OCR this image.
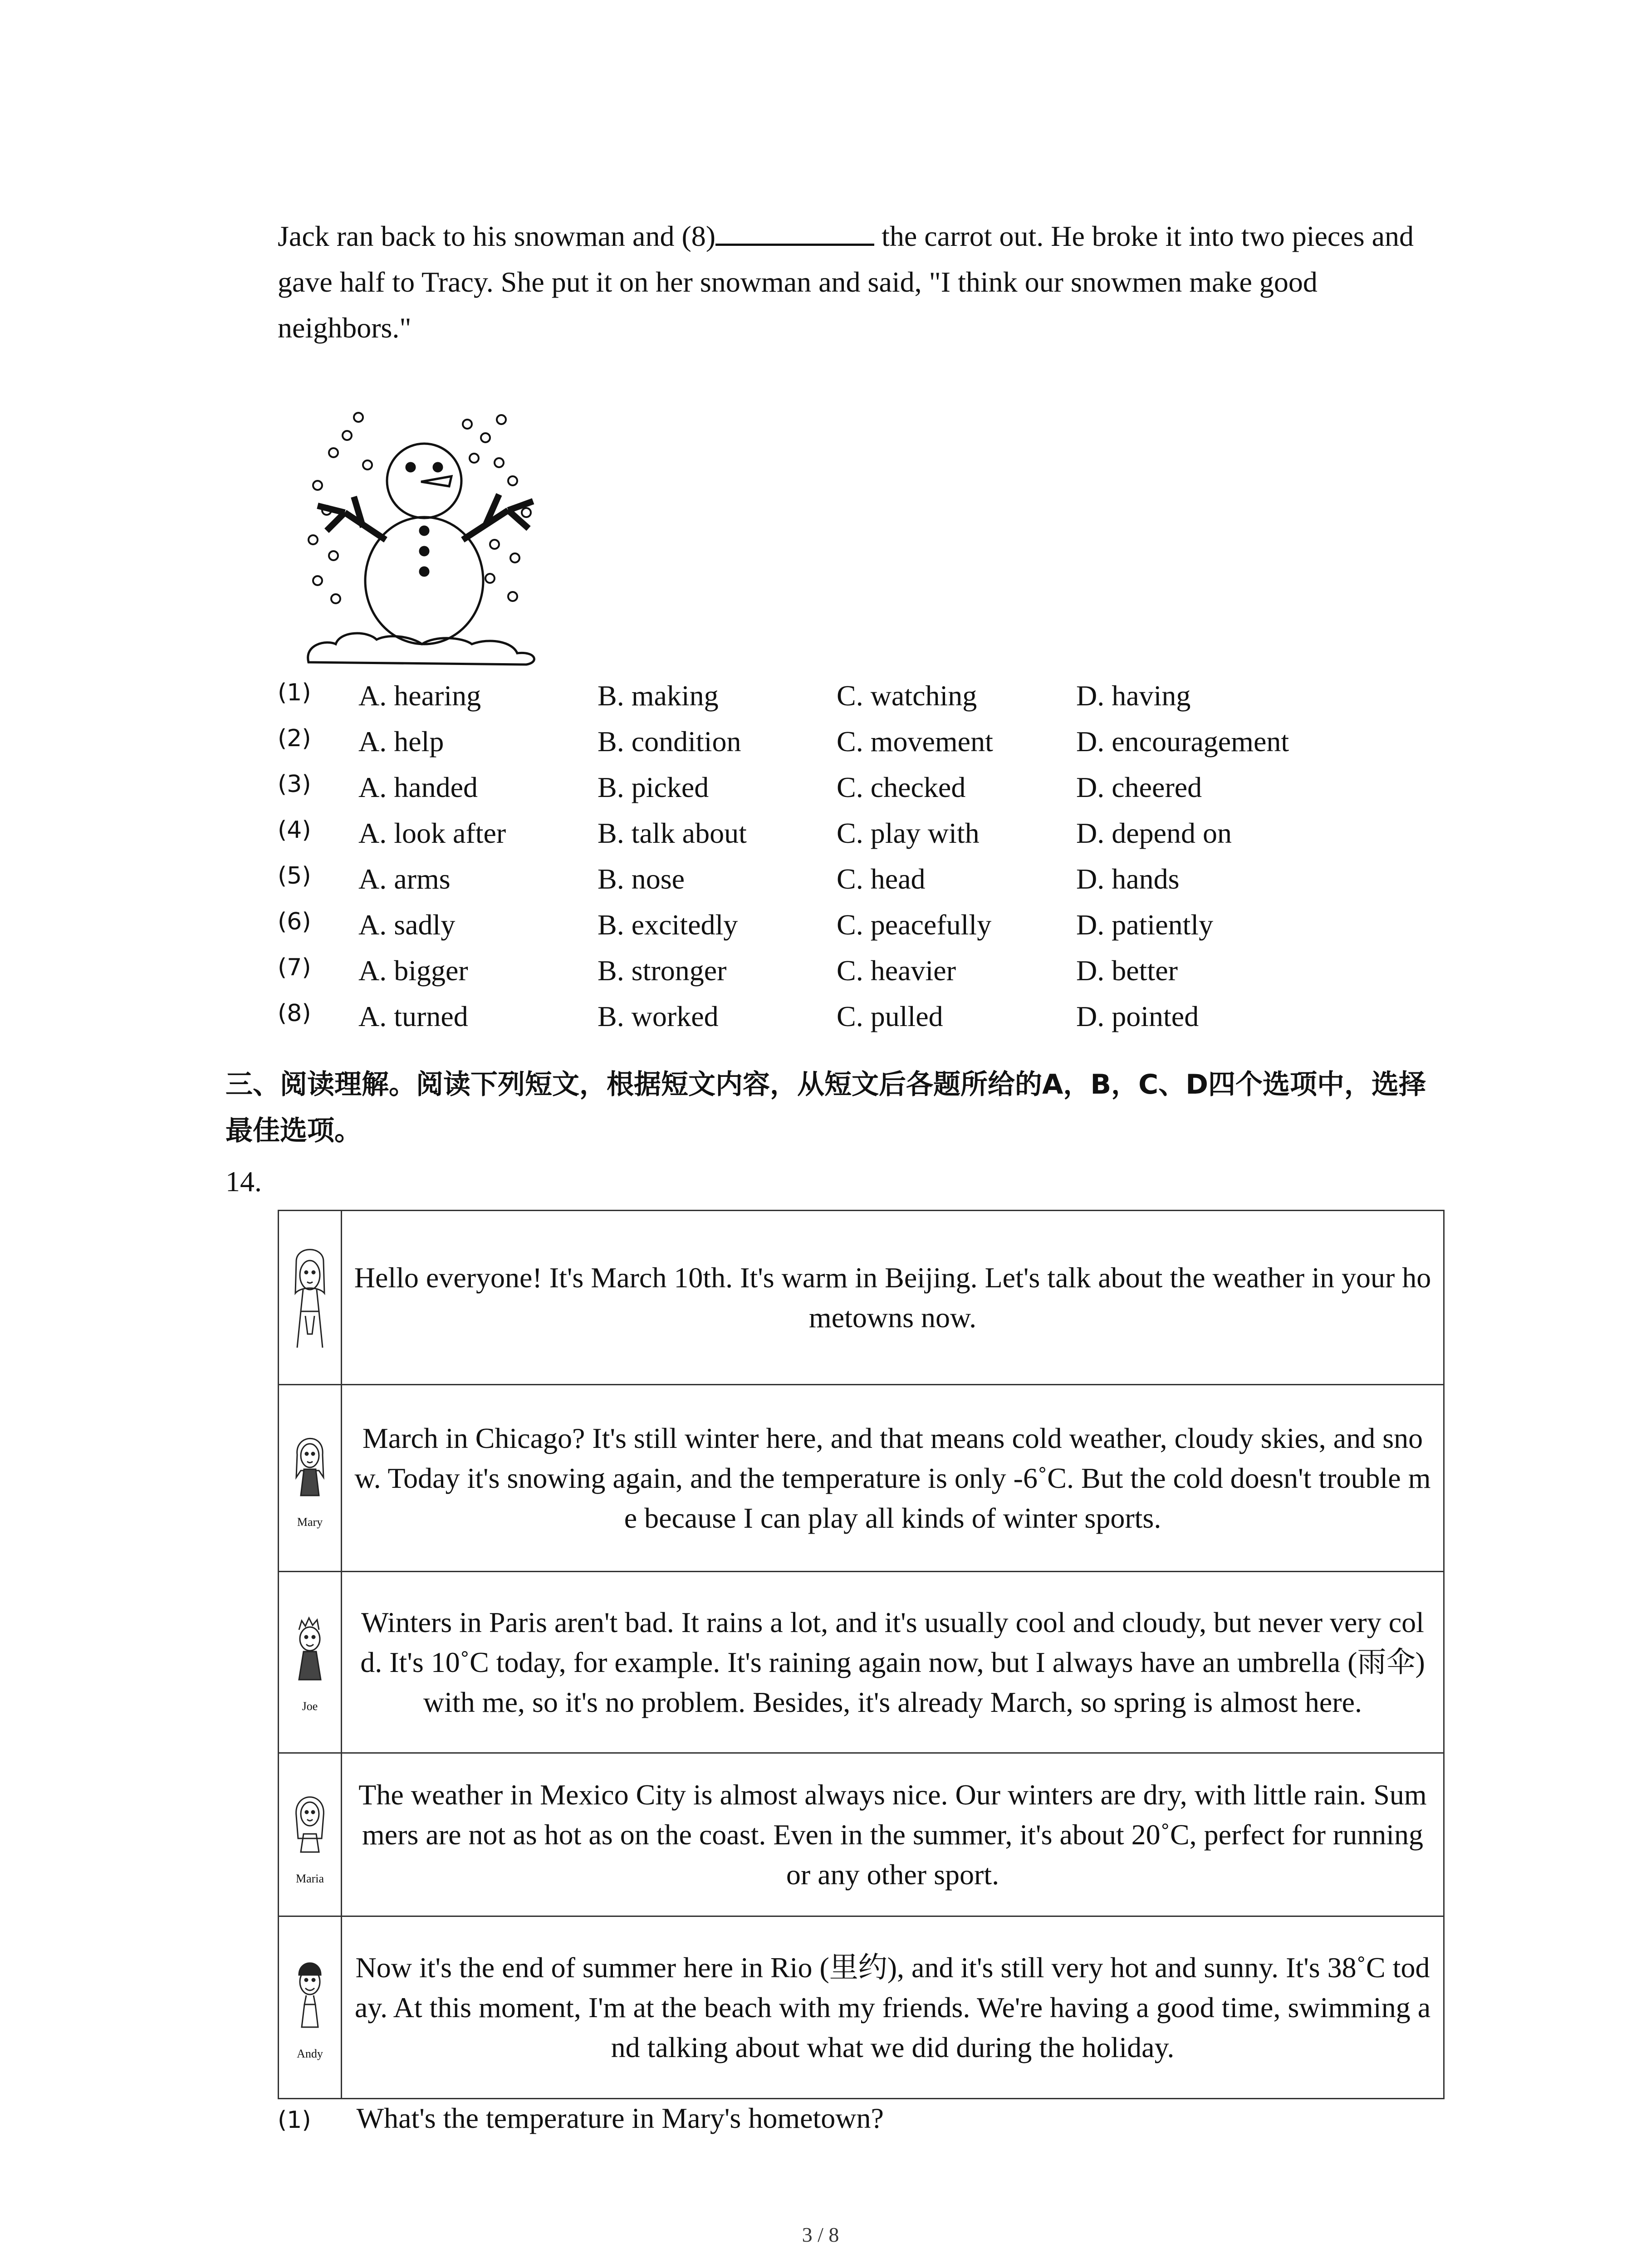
Jack ran back to his snowman and (8)	the carrot out. He broke it into two pieces and gave half to Tracy. She put it on her snowman and said, "I think our snowmen make good neighbors."

(1) A. hearing	B. making	C. watching	D. having
(2) A. help	B. condition	C. movement	D. encouragement
(3) A. handed	B. picked	C. checked	D. cheered
(4) A. look after	B. talk about	C. play with	D. depend on
(5) A. arms	B. nose	C. head	D. hands
(6) A. sadly	B. excitedly	C. peacefully	D. patiently
(7) A. bigger	B. stronger	C. heavier	D. better
(8) A. turned	B. worked	C. pulled	D. pointed

三、阅读理解。阅读下列短文，根据短文内容，从短文后各题所给的A，B，C、D四个选项中，选择最佳选项。

14.
	Hello everyone! It's March 10th. It's warm in Beijing. Let's talk about the weather in your hometowns now.

Mary	March in Chicago? It's still winter here, and that means cold weather, cloudy skies, and snow. Today it's snowing again, and the temperature is only -6˚C. But the cold doesn't trouble me because I can play all kinds of winter sports.

Joe	Winters in Paris aren't bad. It rains a lot, and it's usually cool and cloudy, but never very cold. It's 10˚C today, for example. It's raining again now, but I always have an umbrella (雨伞) with me, so it's no problem. Besides, it's already March, so spring is almost here.

Maria	The weather in Mexico City is almost always nice. Our winters are dry, with little rain. Summers are not as hot as on the coast. Even in the summer, it's about 20˚C, perfect for running or any other sport.

Andy	Now it's the end of summer here in Rio (里约), and it's still very hot and sunny. It's 38˚C today. At this moment, I'm at the beach with my friends. We're having a good time, swimming and talking about what we did during the holiday.
(1) What's the temperature in Mary's hometown?
3 / 8
